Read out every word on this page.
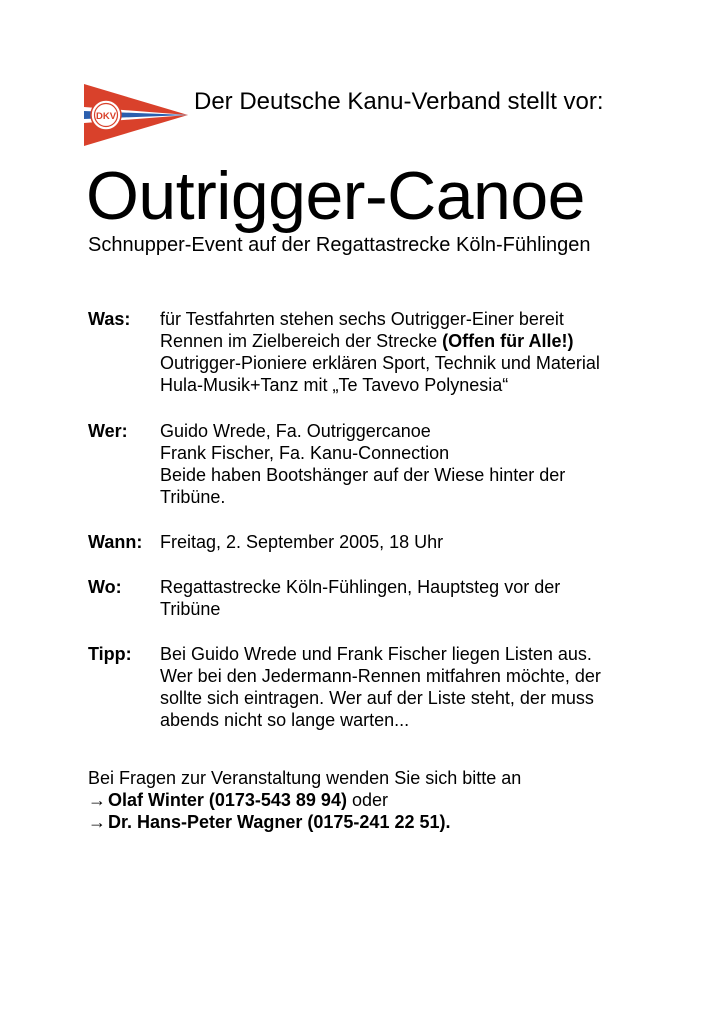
DKV
Der Deutsche Kanu-Verband stellt vor:
Outrigger-Canoe
Schnupper-Event auf der Regattastrecke Köln-Fühlingen
Was: für Testfahrten stehen sechs Outrigger-Einer bereit
Rennen im Zielbereich der Strecke (Offen für Alle!)
Outrigger-Pioniere erklären Sport, Technik und Material
Hula-Musik+Tanz mit „Te Tavevo Polynesia“
Wer: Guido Wrede, Fa. Outriggercanoe
Frank Fischer, Fa. Kanu-Connection
Beide haben Bootshänger auf der Wiese hinter der
Tribüne.
Wann: Freitag, 2. September 2005, 18 Uhr
Wo: Regattastrecke Köln-Fühlingen, Hauptsteg vor der
Tribüne
Tipp: Bei Guido Wrede und Frank Fischer liegen Listen aus.
Wer bei den Jedermann-Rennen mitfahren möchte, der
sollte sich eintragen. Wer auf der Liste steht, der muss
abends nicht so lange warten...
Bei Fragen zur Veranstaltung wenden Sie sich bitte an
→ Olaf Winter (0173-543 89 94) oder
→ Dr. Hans-Peter Wagner (0175-241 22 51).
